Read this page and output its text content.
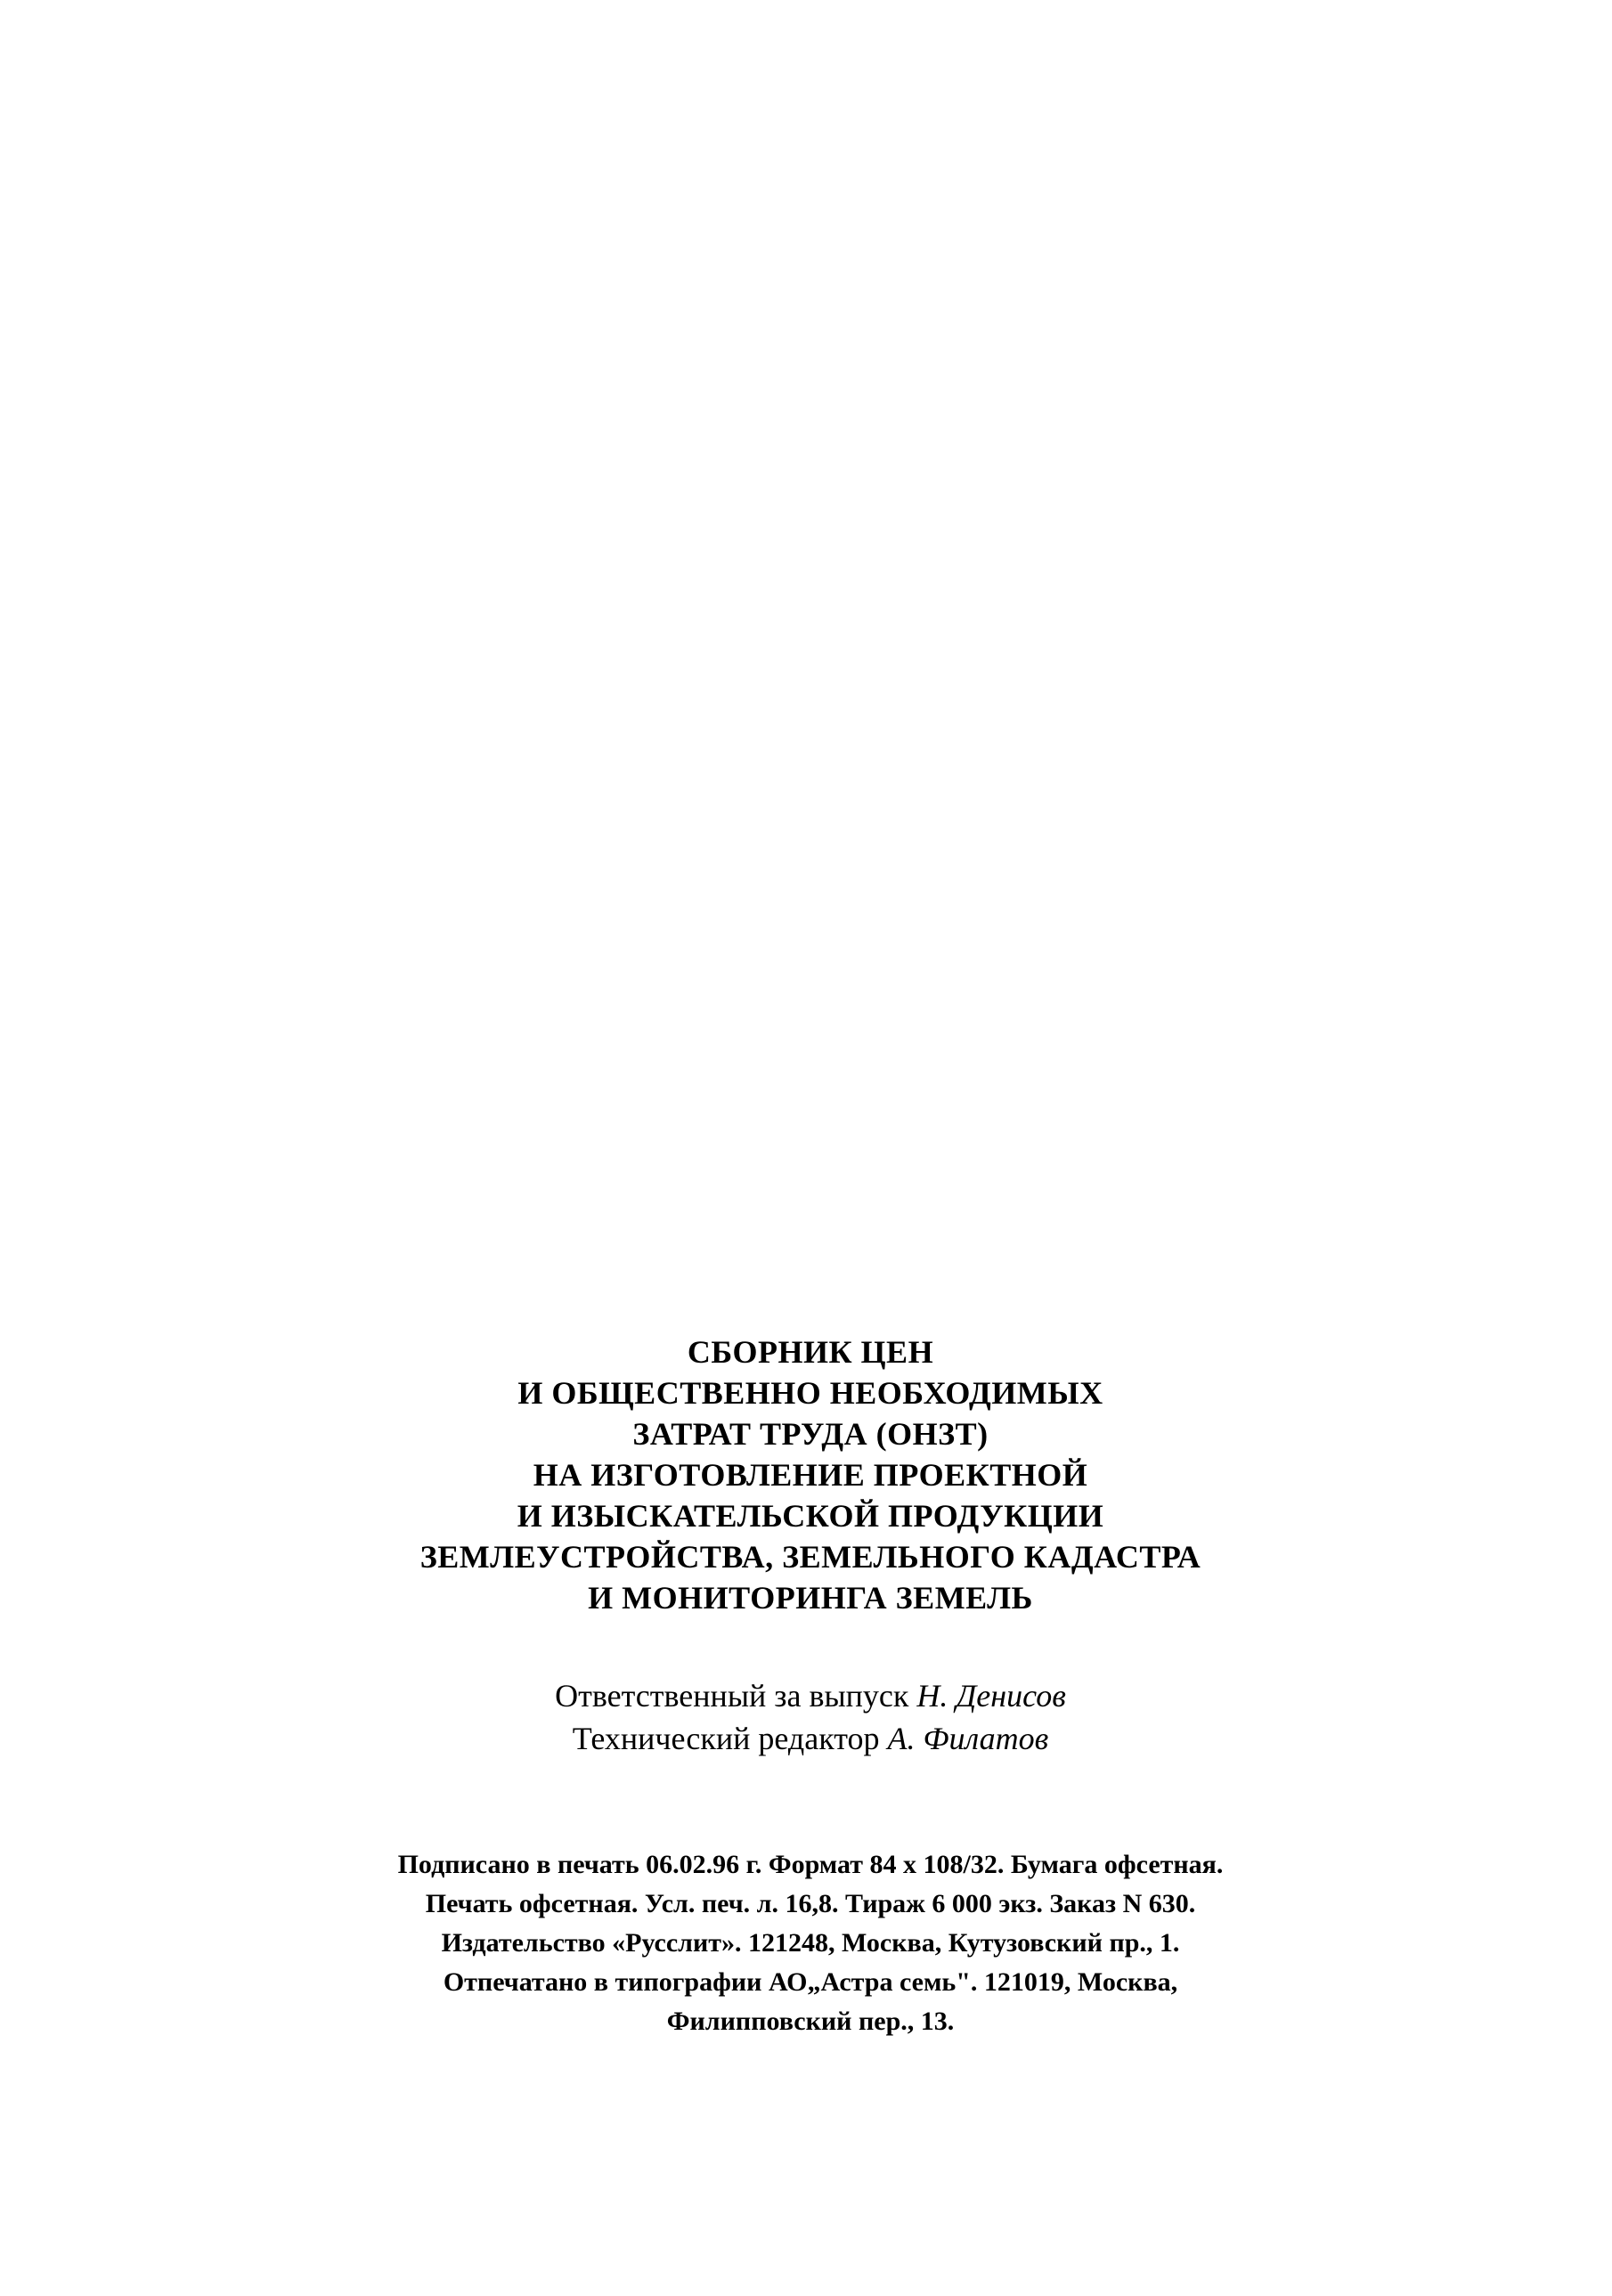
СБОРНИК ЦЕН
И ОБЩЕСТВЕННО НЕОБХОДИМЫХ
ЗАТРАТ ТРУДА (ОНЗТ)
НА ИЗГОТОВЛЕНИЕ ПРОЕКТНОЙ
И ИЗЫСКАТЕЛЬСКОЙ ПРОДУКЦИИ
ЗЕМЛЕУСТРОЙСТВА, ЗЕМЕЛЬНОГО КАДАСТРА
И МОНИТОРИНГА ЗЕМЕЛЬ
Ответственный за выпуск Н. Денисов
Технический редактор А. Филатов
Подписано в печать 06.02.96 г. Формат 84 х 108/32. Бумага офсетная.
Печать офсетная. Усл. печ. л. 16,8. Тираж 6 000 экз. Заказ N 630.
Издательство «Русслит». 121248, Москва, Кутузовский пр., 1.
Отпечатано в типографии АО„Астра семь". 121019, Москва,
Филипповский пер., 13.
